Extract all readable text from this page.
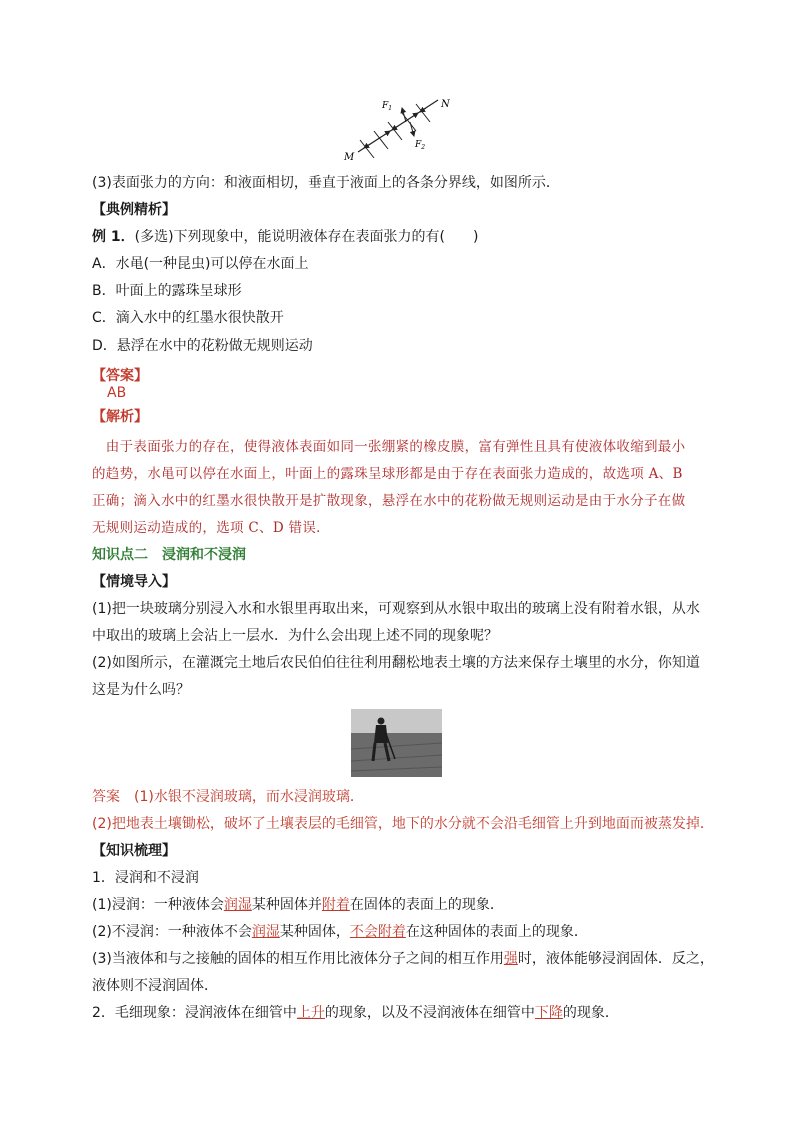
$F_1$
$F_2$
N
M
(3)表面张力的方向：和液面相切，垂直于液面上的各条分界线，如图所示．
【典例精析】
例 1．(多选)下列现象中，能说明液体存在表面张力的有(　　)
A．水黾(一种昆虫)可以停在水面上
B．叶面上的露珠呈球形
C．滴入水中的红墨水很快散开
D．悬浮在水中的花粉做无规则运动
【答案】
AB
【解析】
　由于表面张力的存在，使得液体表面如同一张绷紧的橡皮膜，富有弹性且具有使液体收缩到最小
的趋势，水黾可以停在水面上，叶面上的露珠呈球形都是由于存在表面张力造成的，故选项 A、B
正确；滴入水中的红墨水很快散开是扩散现象，悬浮在水中的花粉做无规则运动是由于水分子在做
无规则运动造成的，选项 C、D 错误．
知识点二　浸润和不浸润
【情境导入】
(1)把一块玻璃分别浸入水和水银里再取出来，可观察到从水银中取出的玻璃上没有附着水银，从水
中取出的玻璃上会沾上一层水．为什么会出现上述不同的现象呢？
(2)如图所示，在灌溉完土地后农民伯伯往往利用翻松地表土壤的方法来保存土壤里的水分，你知道
这是为什么吗？
答案　 (1)水银不浸润玻璃，而水浸润玻璃．
(2)把地表土壤锄松，破坏了土壤表层的毛细管，地下的水分就不会沿毛细管上升到地面而被蒸发掉．
【知识梳理】
1．浸润和不浸润
(1)浸润：一种液体会润湿某种固体并附着在固体的表面上的现象．
(2)不浸润：一种液体不会润湿某种固体，不会附着在这种固体的表面上的现象．
(3)当液体和与之接触的固体的相互作用比液体分子之间的相互作用强时，液体能够浸润固体．反之，
液体则不浸润固体．
2．毛细现象：浸润液体在细管中上升的现象，以及不浸润液体在细管中下降的现象．
